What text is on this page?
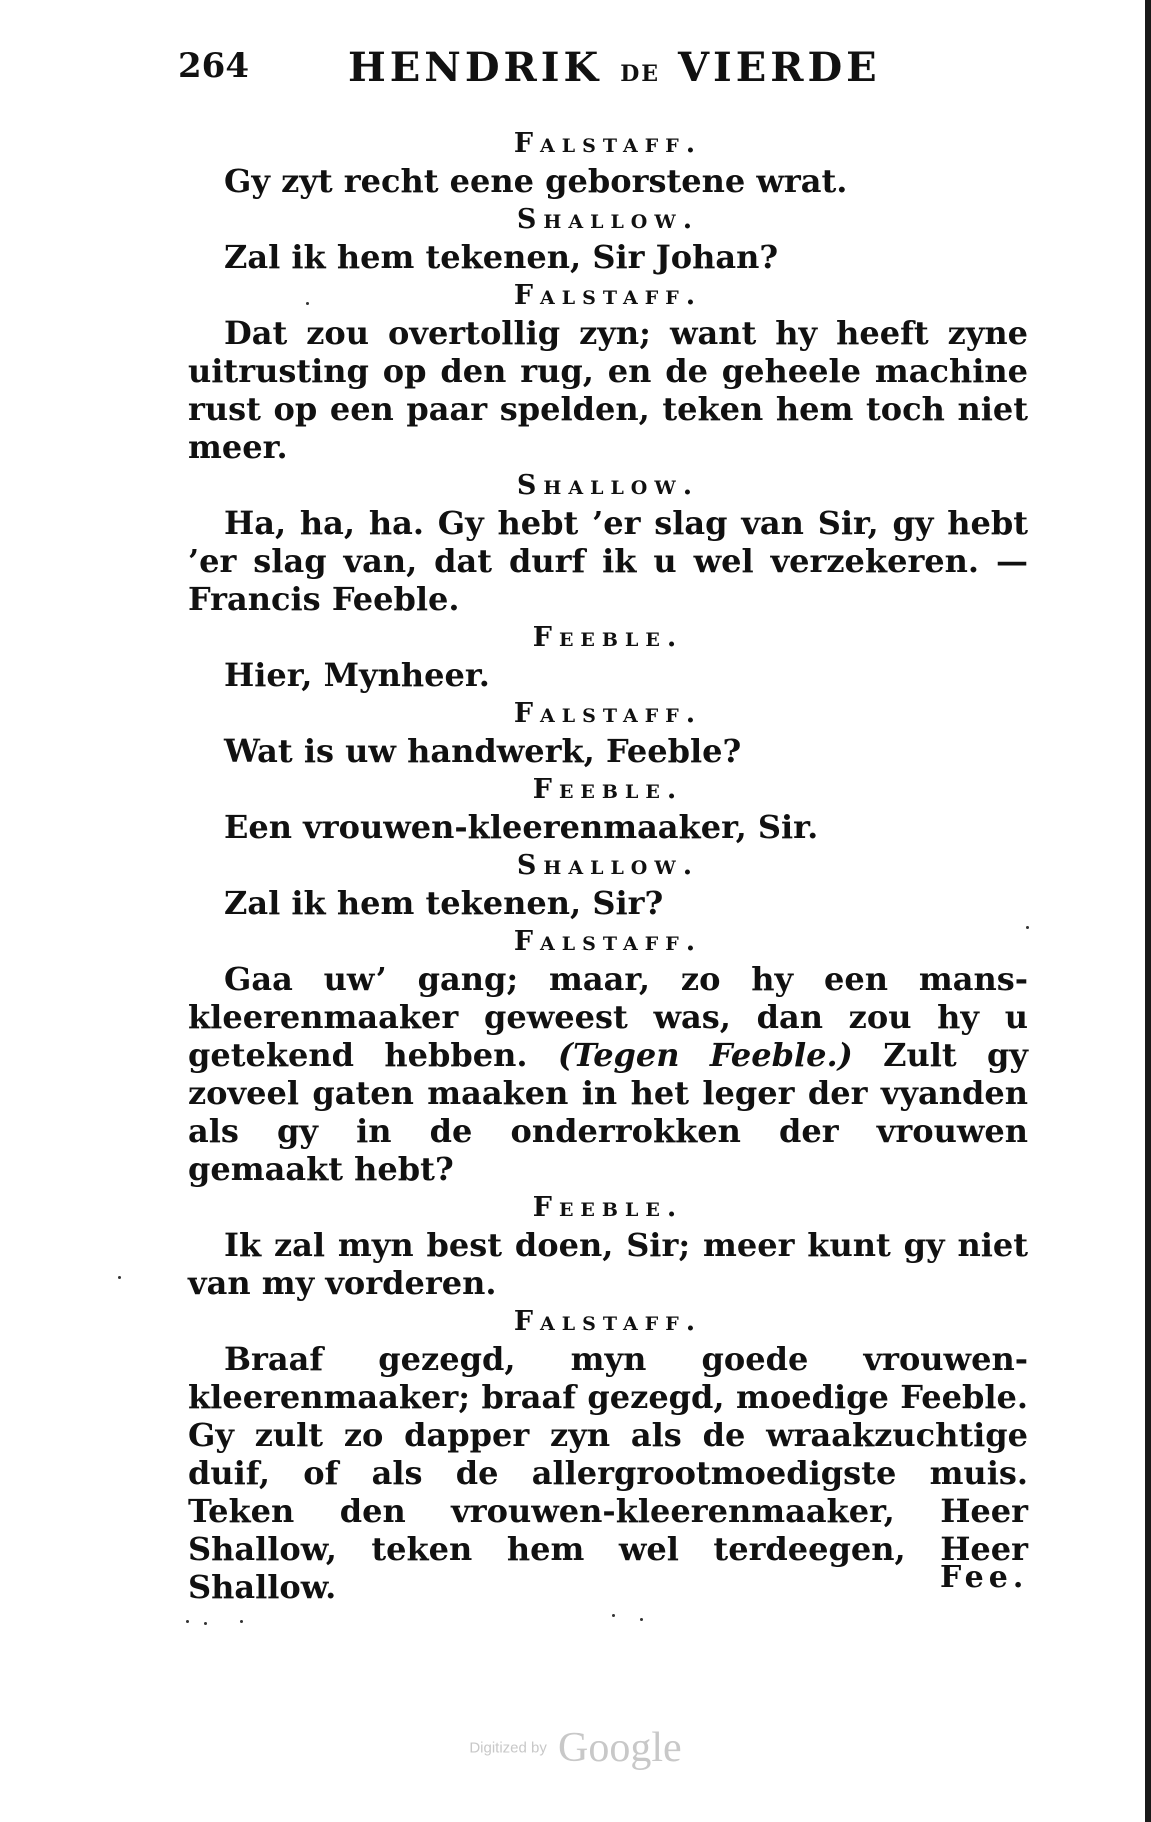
264 HENDRIK DE VIERDE
Falstaff.
Gy zyt recht eene geborstene wrat.
Shallow.
Zal ik hem tekenen, Sir Johan?
Falstaff.
Dat zou overtollig zyn; want hy heeft zyne uitrusting op den rug, en de geheele machine rust op een paar spelden, teken hem toch niet meer.
Shallow.
Ha, ha, ha. Gy hebt ’er slag van Sir, gy hebt ’er slag van, dat durf ik u wel verzekeren. — Francis Feeble.
Feeble.
Hier, Mynheer.
Falstaff.
Wat is uw handwerk, Feeble?
Feeble.
Een vrouwen-kleerenmaaker, Sir.
Shallow.
Zal ik hem tekenen, Sir?
Falstaff.
Gaa uw’ gang; maar, zo hy een mans-kleerenmaaker geweest was, dan zou hy u getekend hebben. (Tegen Feeble.) Zult gy zoveel gaten maaken in het leger der vyanden als gy in de onderrokken der vrouwen gemaakt hebt?
Feeble.
Ik zal myn best doen, Sir; meer kunt gy niet van my vorderen.
Falstaff.
Braaf gezegd, myn goede vrouwen-kleerenmaaker; braaf gezegd, moedige Feeble. Gy zult zo dapper zyn als de wraakzuchtige duif, of als de allergrootmoedigste muis. Teken den vrouwen-kleerenmaaker, Heer Shallow, teken hem wel terdeegen, Heer Shallow.	Fee.
Digitized by Google
